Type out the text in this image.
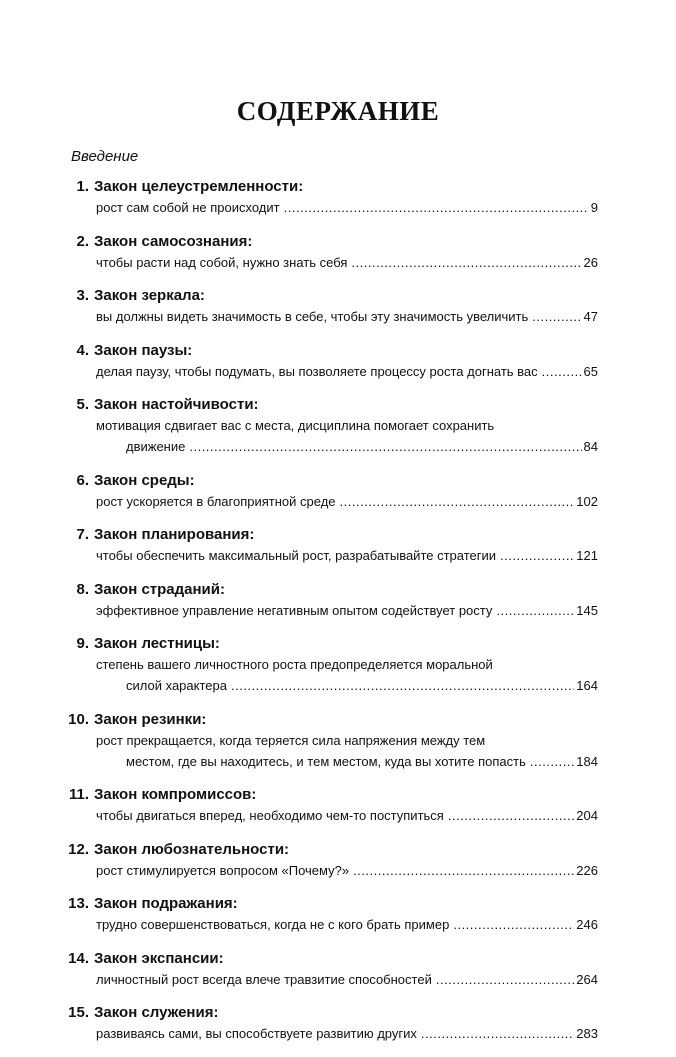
СОДЕРЖАНИЕ
Введение
1. Закон целеустремленности:
рост сам собой не происходит .....	9
2. Закон самосознания:
чтобы расти над собой, нужно знать себя .....	26
3. Закон зеркала:
вы должны видеть значимость в себе, чтобы эту значимость увеличить .....	47
4. Закон паузы:
делая паузу, чтобы подумать, вы позволяете процессу роста догнать вас .....	65
5. Закон настойчивости:
мотивация сдвигает вас с места, дисциплина помогает сохранить
движение .....	84
6. Закон среды:
рост ускоряется в благоприятной среде .....	102
7. Закон планирования:
чтобы обеспечить максимальный рост, разрабатывайте стратегии .....	121
8. Закон страданий:
эффективное управление негативным опытом содействует росту .....	145
9. Закон лестницы:
степень вашего личностного роста предопределяется моральной
силой характера .....	164
10. Закон резинки:
рост прекращается, когда теряется сила напряжения между тем
местом, где вы находитесь, и тем местом, куда вы хотите попасть .....	184
11. Закон компромиссов:
чтобы двигаться вперед, необходимо чем-то поступиться .....	204
12. Закон любознательности:
рост стимулируется вопросом «Почему?» .....	226
13. Закон подражания:
трудно совершенствоваться, когда не с кого брать пример .....	246
14. Закон экспансии:
личностный рост всегда влече травзитие способностей .....	264
15. Закон служения:
развиваясь сами, вы способствуете развитию других .....	283
